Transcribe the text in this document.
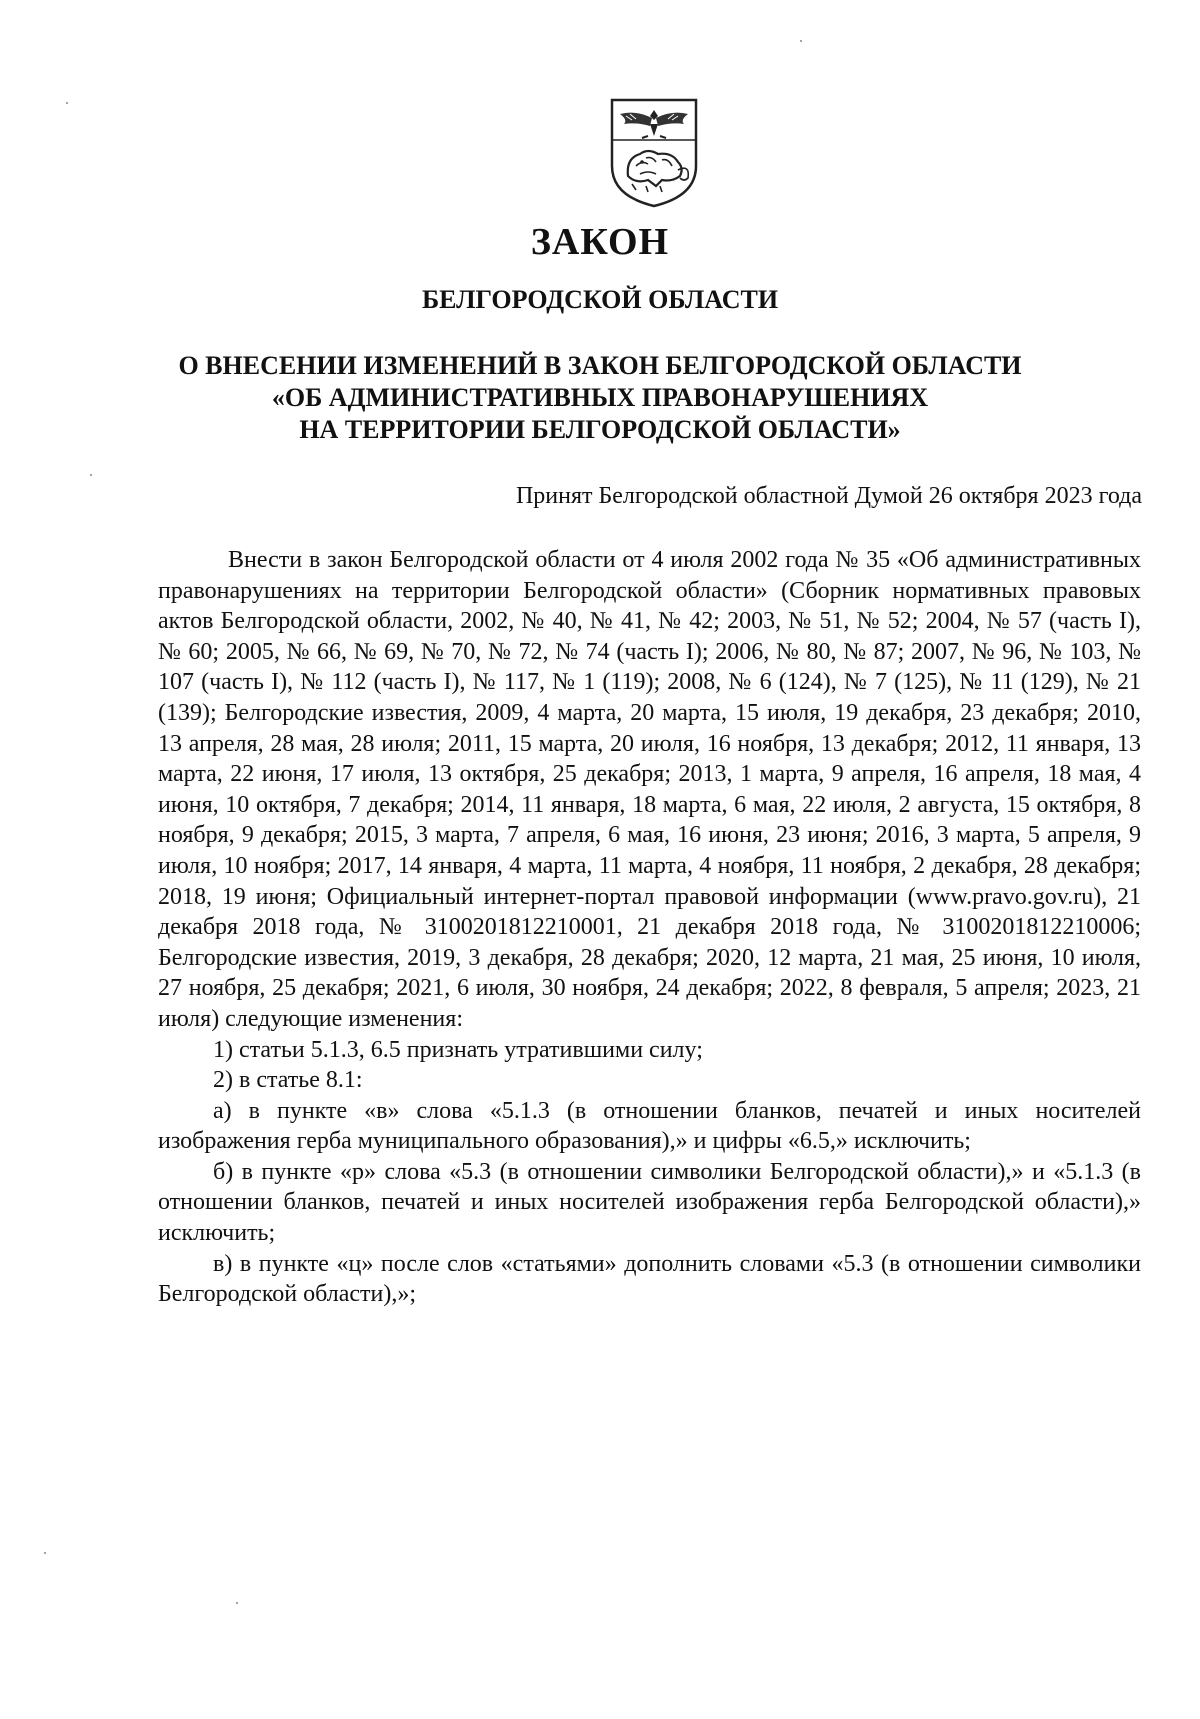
ЗАКОН
БЕЛГОРОДСКОЙ ОБЛАСТИ
О ВНЕСЕНИИ ИЗМЕНЕНИЙ В ЗАКОН БЕЛГОРОДСКОЙ ОБЛАСТИ
«ОБ АДМИНИСТРАТИВНЫХ ПРАВОНАРУШЕНИЯХ
НА ТЕРРИТОРИИ БЕЛГОРОДСКОЙ ОБЛАСТИ»

Принят Белгородской областной Думой 26 октября 2023 года

Внести в закон Белгородской области от 4 июля 2002 года № 35 «Об административных правонарушениях на территории Белгородской области» (Сборник нормативных правовых актов Белгородской области, 2002, № 40, № 41, № 42; 2003, № 51, № 52; 2004, № 57 (часть I), № 60; 2005, № 66, № 69, № 70, № 72, № 74 (часть I); 2006, № 80, № 87; 2007, № 96, № 103, № 107 (часть I), № 112 (часть I), № 117, № 1 (119); 2008, № 6 (124), № 7 (125), № 11 (129), № 21 (139); Белгородские известия, 2009, 4 марта, 20 марта, 15 июля, 19 декабря, 23 декабря; 2010, 13 апреля, 28 мая, 28 июля; 2011, 15 марта, 20 июля, 16 ноября, 13 декабря; 2012, 11 января, 13 марта, 22 июня, 17 июля, 13 октября, 25 декабря; 2013, 1 марта, 9 апреля, 16 апреля, 18 мая, 4 июня, 10 октября, 7 декабря; 2014, 11 января, 18 марта, 6 мая, 22 июля, 2 августа, 15 октября, 8 ноября, 9 декабря; 2015, 3 марта, 7 апреля, 6 мая, 16 июня, 23 июня; 2016, 3 марта, 5 апреля, 9 июля, 10 ноября; 2017, 14 января, 4 марта, 11 марта, 4 ноября, 11 ноября, 2 декабря, 28 декабря; 2018, 19 июня; Официальный интернет-портал правовой информации (www.pravo.gov.ru), 21 декабря 2018 года, № 3100201812210001, 21 декабря 2018 года, № 3100201812210006; Белгородские известия, 2019, 3 декабря, 28 декабря; 2020, 12 марта, 21 мая, 25 июня, 10 июля, 27 ноября, 25 декабря; 2021, 6 июля, 30 ноября, 24 декабря; 2022, 8 февраля, 5 апреля; 2023, 21 июля) следующие изменения:

1) статьи 5.1.3, 6.5 признать утратившими силу;

2) в статье 8.1:

а) в пункте «в» слова «5.1.3 (в отношении бланков, печатей и иных носителей изображения герба муниципального образования),» и цифры «6.5,» исключить;

б) в пункте «р» слова «5.3 (в отношении символики Белгородской области),» и «5.1.3 (в отношении бланков, печатей и иных носителей изображения герба Белгородской области),» исключить;

в) в пункте «ц» после слов «статьями» дополнить словами «5.3 (в отношении символики Белгородской области),»;
